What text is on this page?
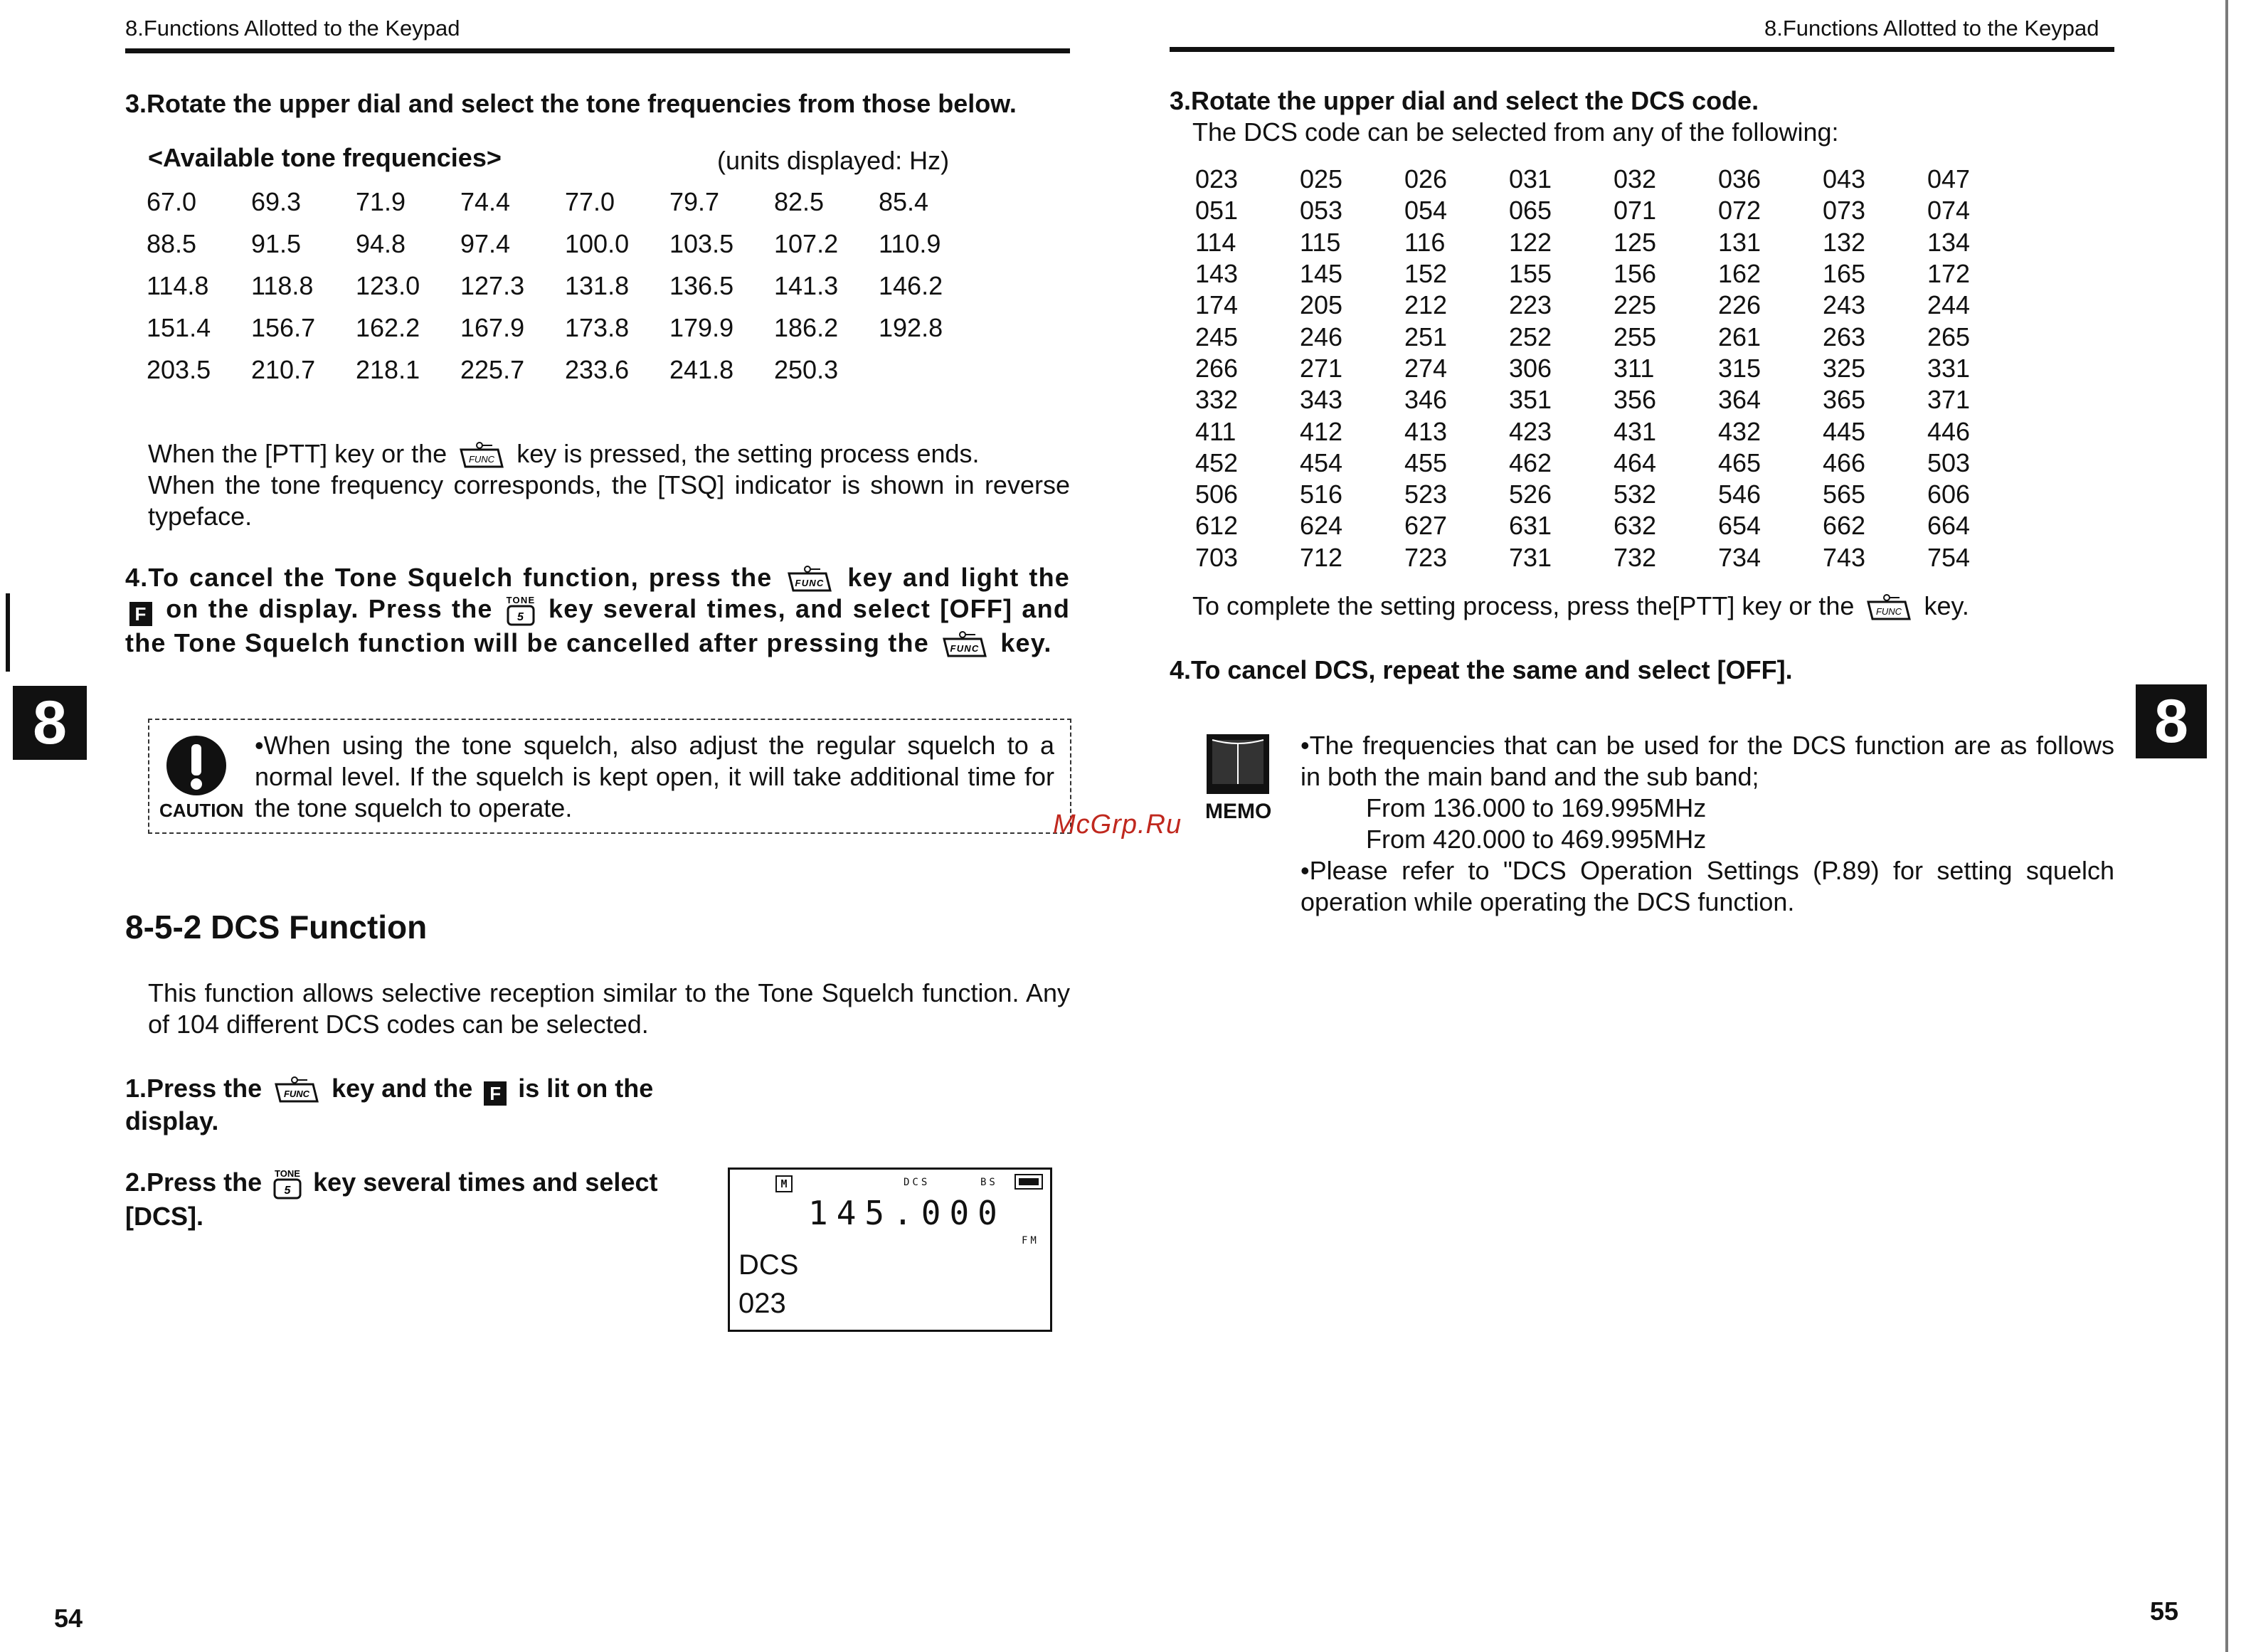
8.Functions Allotted to the Keypad
3.Rotate the upper dial and select the tone frequencies from those below.
<Available tone frequencies>	(units displayed: Hz)
67.0	69.3	71.9	74.4	77.0	79.7	82.5	85.4
88.5	91.5	94.8	97.4	100.0	103.5	107.2	110.9
114.8	118.8	123.0	127.3	131.8	136.5	141.3	146.2
151.4	156.7	162.2	167.9	173.8	179.9	186.2	192.8
203.5	210.7	218.1	225.7	233.6	241.8	250.3	
When the [PTT] key or the FUNC key is pressed, the setting process ends.
When the tone frequency corresponds, the [TSQ] indicator is shown in reverse typeface.
4.To cancel the Tone Squelch function, press the FUNC key and light the F on the display. Press the TONE
5 key several times, and select [OFF] and the Tone Squelch function will be cancelled after pressing the FUNC key.
CAUTION
•When using the tone squelch, also adjust the regular squelch to a normal level. If the squelch is kept open, it will take additional time for the tone squelch to operate.
8-5-2 DCS Function
This function allows selective reception similar to the Tone Squelch function. Any of 104 different DCS codes can be selected.
1.Press the FUNC key and the F is lit on the display.
2.Press the TONE
5 key several times and select [DCS].
M	DCS	BS
145.000
FM
DCS
023
54
8
McGrp.Ru
8.Functions Allotted to the Keypad
3.Rotate the upper dial and select the DCS code.
The DCS code can be selected from any of the following:
023	025	026	031	032	036	043	047
051	053	054	065	071	072	073	074
114	115	116	122	125	131	132	134
143	145	152	155	156	162	165	172
174	205	212	223	225	226	243	244
245	246	251	252	255	261	263	265
266	271	274	306	311	315	325	331
332	343	346	351	356	364	365	371
411	412	413	423	431	432	445	446
452	454	455	462	464	465	466	503
506	516	523	526	532	546	565	606
612	624	627	631	632	654	662	664
703	712	723	731	732	734	743	754
To complete the setting process, press the[PTT] key or the FUNC key.
4.To cancel DCS, repeat the same and select [OFF].
MEMO
•The frequencies that can be used for the DCS function are as follows in both the main band and the sub band;
From 136.000 to 169.995MHz
From 420.000 to 469.995MHz
•Please refer to "DCS Operation Settings (P.89) for setting squelch operation while operating the DCS function.
55
8
